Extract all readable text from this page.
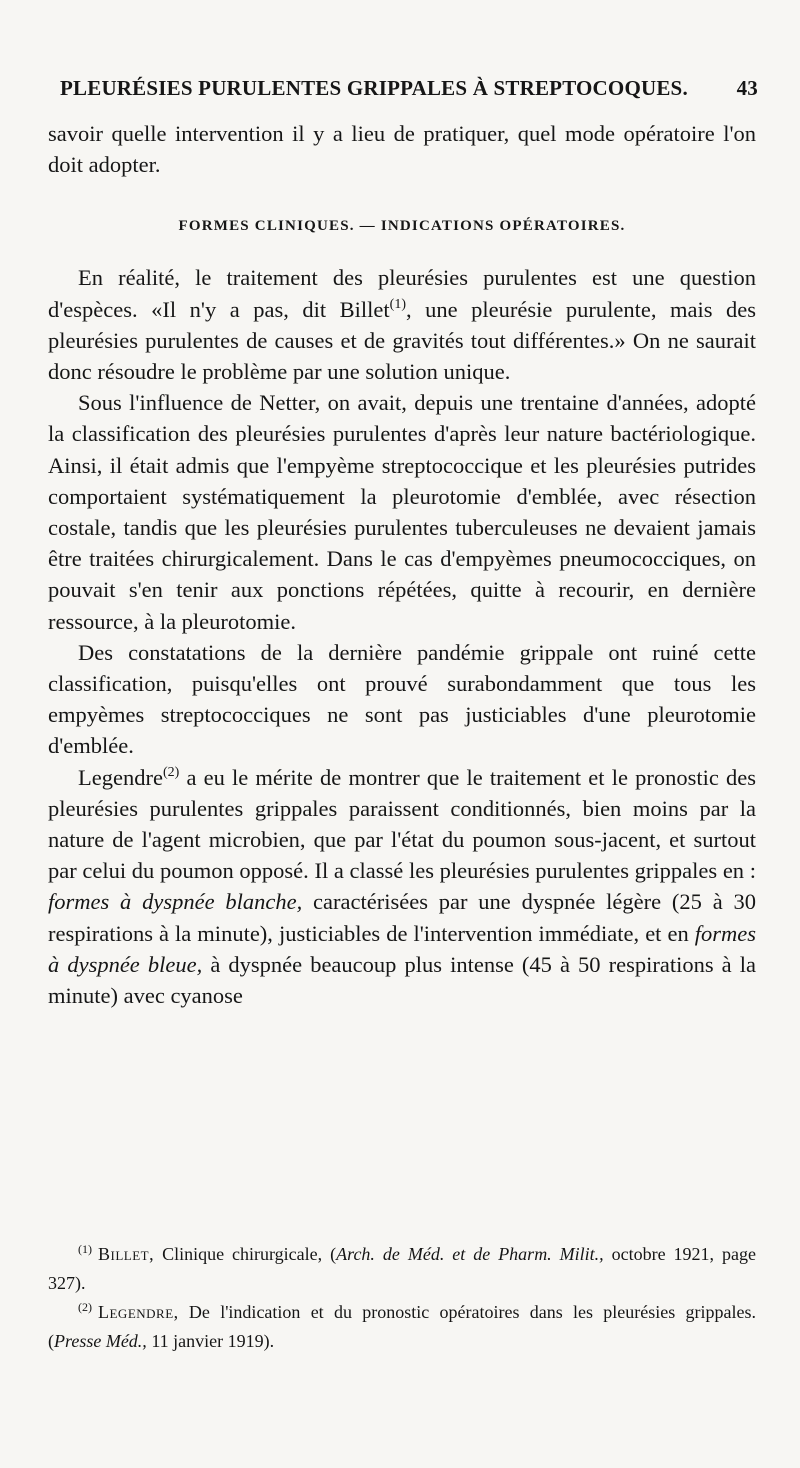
PLEURÉSIES PURULENTES GRIPPALES À STREPTOCOQUES. 43

savoir quelle intervention il y a lieu de pratiquer, quel mode opératoire l'on doit adopter.

FORMES CLINIQUES. — INDICATIONS OPÉRATOIRES.

En réalité, le traitement des pleurésies purulentes est une question d'espèces. «Il n'y a pas, dit Billet$^{(1)}$, une pleurésie purulente, mais des pleurésies purulentes de causes et de gravités tout différentes.» On ne saurait donc résoudre le problème par une solution unique.

Sous l'influence de Netter, on avait, depuis une trentaine d'années, adopté la classification des pleurésies purulentes d'après leur nature bactériologique. Ainsi, il était admis que l'empyème streptococcique et les pleurésies putrides comportaient systématiquement la pleurotomie d'emblée, avec résection costale, tandis que les pleurésies purulentes tuberculeuses ne devaient jamais être traitées chirurgicalement. Dans le cas d'empyèmes pneumococciques, on pouvait s'en tenir aux ponctions répétées, quitte à recourir, en dernière ressource, à la pleurotomie.

Des constatations de la dernière pandémie grippale ont ruiné cette classification, puisqu'elles ont prouvé surabondamment que tous les empyèmes streptococciques ne sont pas justiciables d'une pleurotomie d'emblée.

Legendre$^{(2)}$ a eu le mérite de montrer que le traitement et le pronostic des pleurésies purulentes grippales paraissent conditionnés, bien moins par la nature de l'agent microbien, que par l'état du poumon sous-jacent, et surtout par celui du poumon opposé. Il a classé les pleurésies purulentes grippales en : formes à dyspnée blanche, caractérisées par une dyspnée légère (25 à 30 respirations à la minute), justiciables de l'intervention immédiate, et en formes à dyspnée bleue, à dyspnée beaucoup plus intense (45 à 50 respirations à la minute) avec cyanose

$^{(1)}$ Billet, Clinique chirurgicale, (Arch. de Méd. et de Pharm. Milit., octobre 1921, page 327).

$^{(2)}$ Legendre, De l'indication et du pronostic opératoires dans les pleurésies grippales. (Presse Méd., 11 janvier 1919).
